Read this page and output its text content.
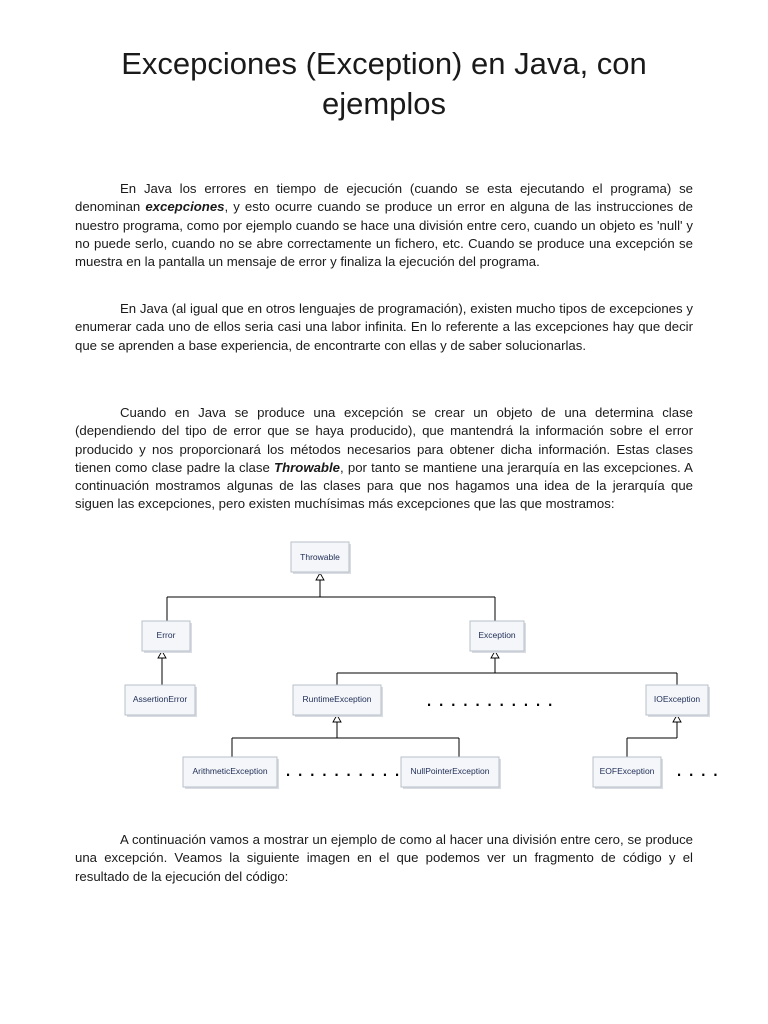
Excepciones (Exception) en Java, con ejemplos

En Java los errores en tiempo de ejecución (cuando se esta ejecutando el programa) se denominan excepciones, y esto ocurre cuando se produce un error en alguna de las instrucciones de nuestro programa, como por ejemplo cuando se hace una división entre cero, cuando un objeto es 'null' y no puede serlo, cuando no se abre correctamente un fichero, etc. Cuando se produce una excepción se muestra en la pantalla un mensaje de error y finaliza la ejecución del programa.

En Java (al igual que en otros lenguajes de programación), existen mucho tipos de excepciones y enumerar cada uno de ellos seria casi una labor infinita. En lo referente a las excepciones hay que decir que se aprenden a base experiencia, de encontrarte con ellas y de saber solucionarlas.

Cuando en Java se produce una excepción se crear un objeto de una determina clase (dependiendo del tipo de error que se haya producido), que mantendrá la información sobre el error producido y nos proporcionará los métodos necesarios para obtener dicha información. Estas clases tienen como clase padre la clase Throwable, por tanto se mantiene una jerarquía en las excepciones. A continuación mostramos algunas de las clases para que nos hagamos una idea de la jerarquía que siguen las excepciones, pero existen muchísimas más excepciones que las que mostramos:

Throwable
Error	Exception
AssertionError	RuntimeException	IOException
ArithmeticException	NullPointerException	EOFException
...........
..........	....

A continuación vamos a mostrar un ejemplo de como al hacer una división entre cero, se produce una excepción. Veamos la siguiente imagen en el que podemos ver un fragmento de código y el resultado de la ejecución del código:
